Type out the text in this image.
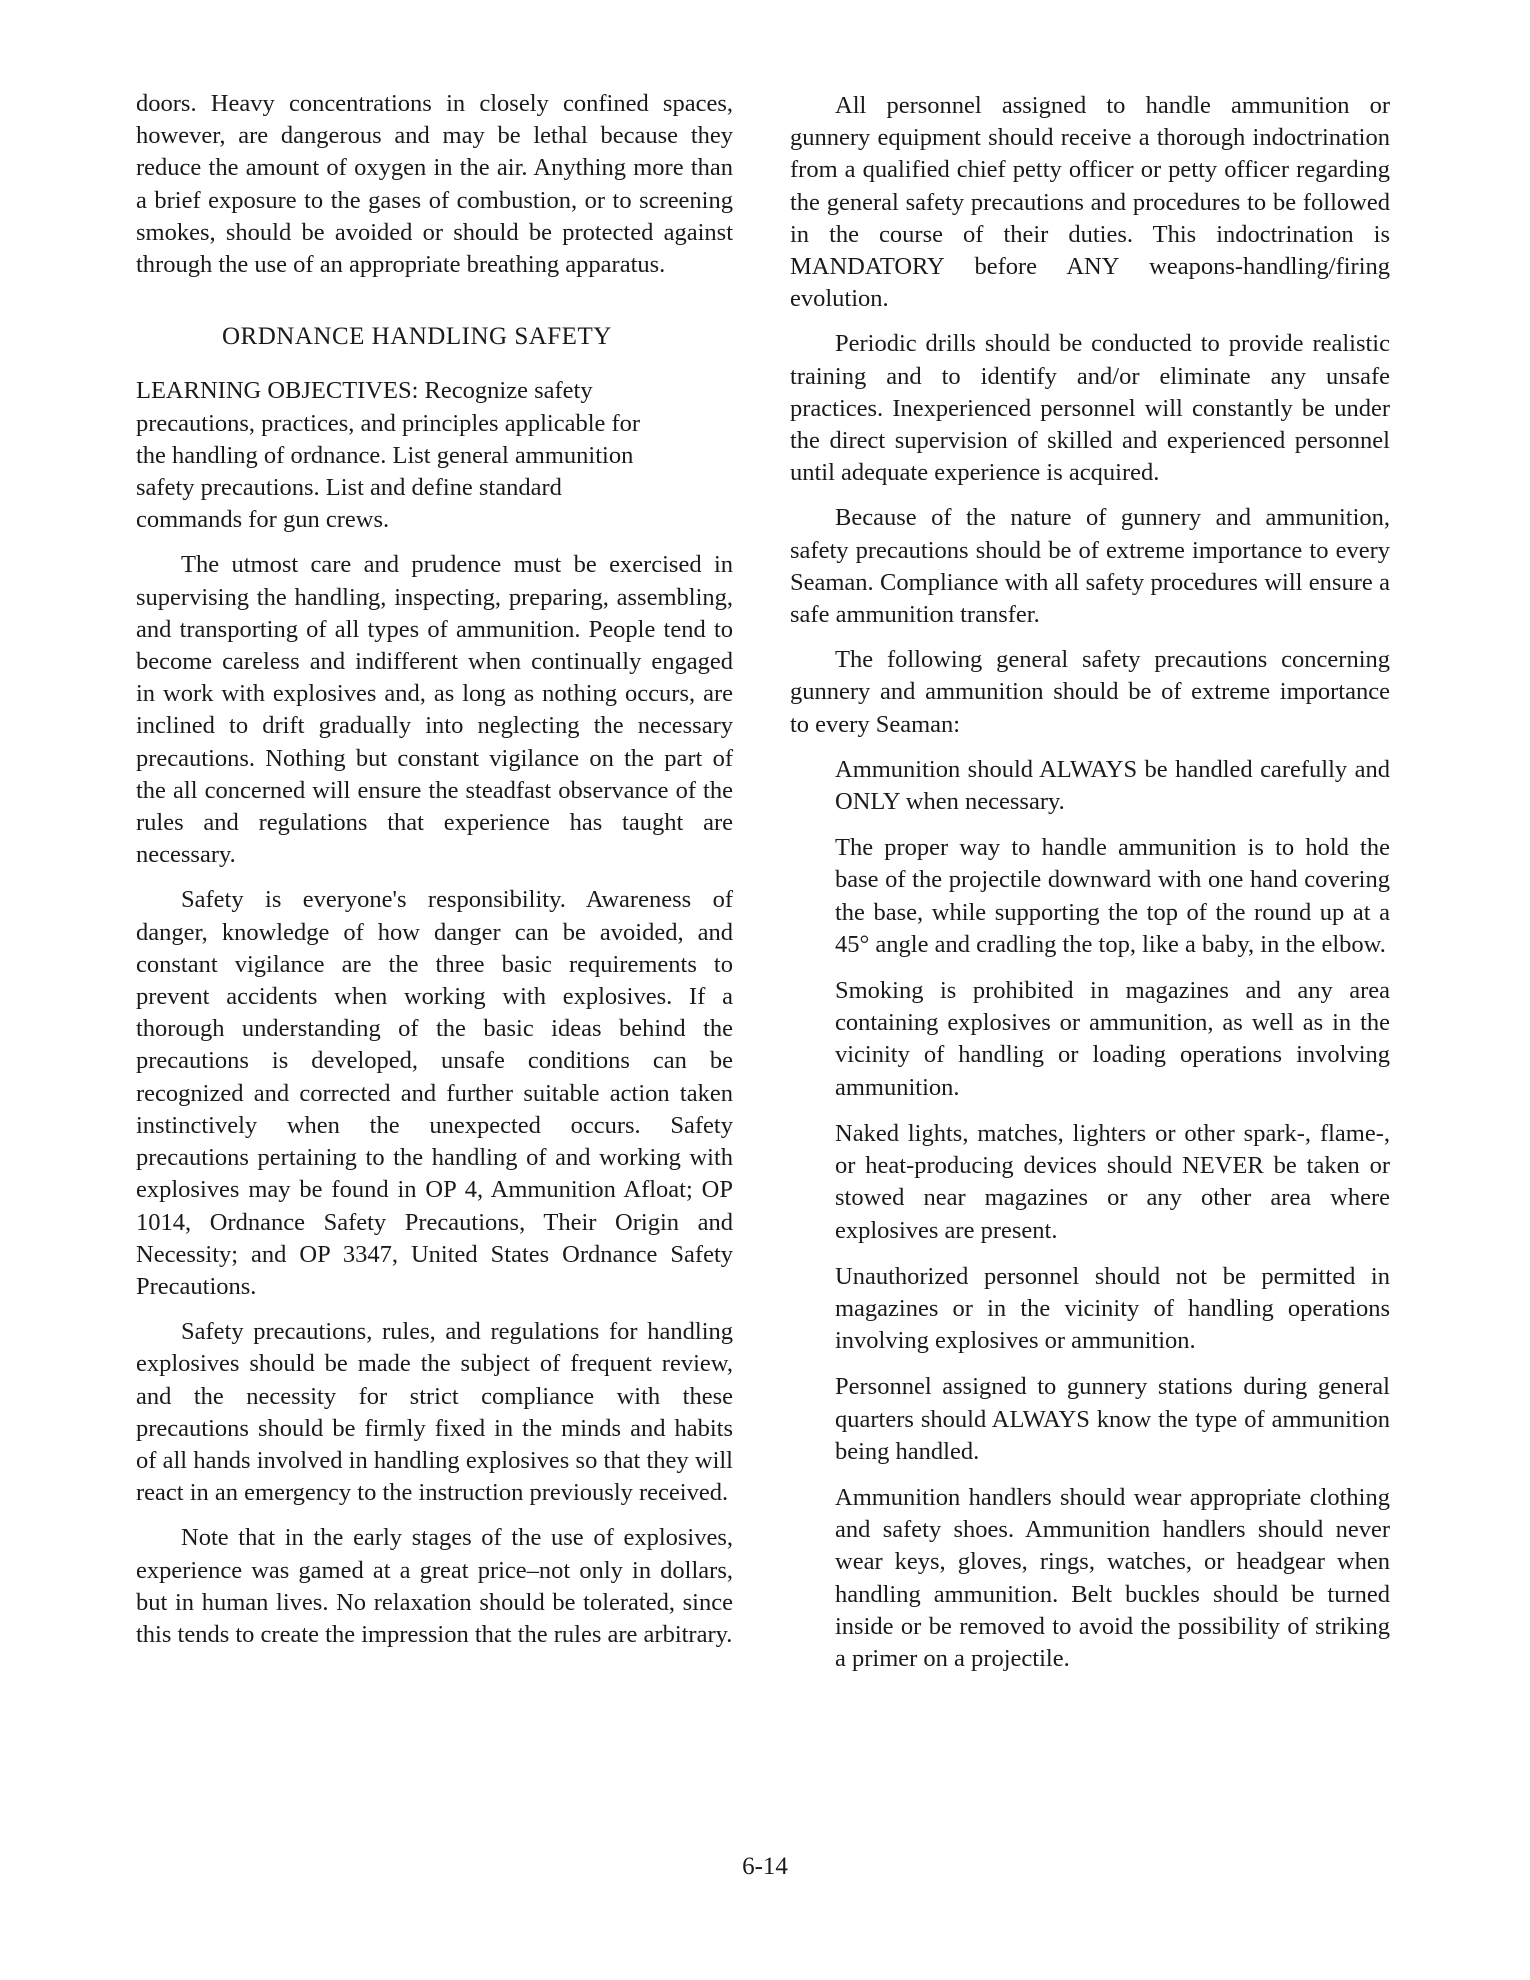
doors. Heavy concentrations in closely confined spaces, however, are dangerous and may be lethal because they reduce the amount of oxygen in the air. Anything more than a brief exposure to the gases of combustion, or to screening smokes, should be avoided or should be protected against through the use of an appropriate breathing apparatus.

ORDNANCE HANDLING SAFETY

LEARNING OBJECTIVES: Recognize safety precautions, practices, and principles applicable for the handling of ordnance. List general ammunition safety precautions. List and define standard commands for gun crews.

The utmost care and prudence must be exercised in supervising the handling, inspecting, preparing, assembling, and transporting of all types of ammunition. People tend to become careless and indifferent when continually engaged in work with explosives and, as long as nothing occurs, are inclined to drift gradually into neglecting the necessary precautions. Nothing but constant vigilance on the part of the all concerned will ensure the steadfast observance of the rules and regulations that experience has taught are necessary.

Safety is everyone's responsibility. Awareness of danger, knowledge of how danger can be avoided, and constant vigilance are the three basic requirements to prevent accidents when working with explosives. If a thorough understanding of the basic ideas behind the precautions is developed, unsafe conditions can be recognized and corrected and further suitable action taken instinctively when the unexpected occurs. Safety precautions pertaining to the handling of and working with explosives may be found in OP 4, Ammunition Afloat; OP 1014, Ordnance Safety Precautions, Their Origin and Necessity; and OP 3347, United States Ordnance Safety Precautions.

Safety precautions, rules, and regulations for handling explosives should be made the subject of frequent review, and the necessity for strict compliance with these precautions should be firmly fixed in the minds and habits of all hands involved in handling explosives so that they will react in an emergency to the instruction previously received.

Note that in the early stages of the use of explosives, experience was gamed at a great price–not only in dollars, but in human lives. No relaxation should be tolerated, since this tends to create the impression that the rules are arbitrary.

All personnel assigned to handle ammunition or gunnery equipment should receive a thorough indoctrination from a qualified chief petty officer or petty officer regarding the general safety precautions and procedures to be followed in the course of their duties. This indoctrination is MANDATORY before ANY weapons-handling/firing evolution.

Periodic drills should be conducted to provide realistic training and to identify and/or eliminate any unsafe practices. Inexperienced personnel will constantly be under the direct supervision of skilled and experienced personnel until adequate experience is acquired.

Because of the nature of gunnery and ammunition, safety precautions should be of extreme importance to every Seaman. Compliance with all safety procedures will ensure a safe ammunition transfer.

The following general safety precautions concerning gunnery and ammunition should be of extreme importance to every Seaman:

Ammunition should ALWAYS be handled carefully and ONLY when necessary.

The proper way to handle ammunition is to hold the base of the projectile downward with one hand covering the base, while supporting the top of the round up at a 45° angle and cradling the top, like a baby, in the elbow.

Smoking is prohibited in magazines and any area containing explosives or ammunition, as well as in the vicinity of handling or loading operations involving ammunition.

Naked lights, matches, lighters or other spark-, flame-, or heat-producing devices should NEVER be taken or stowed near magazines or any other area where explosives are present.

Unauthorized personnel should not be permitted in magazines or in the vicinity of handling operations involving explosives or ammunition.

Personnel assigned to gunnery stations during general quarters should ALWAYS know the type of ammunition being handled.

Ammunition handlers should wear appropriate clothing and safety shoes. Ammunition handlers should never wear keys, gloves, rings, watches, or headgear when handling ammunition. Belt buckles should be turned inside or be removed to avoid the possibility of striking a primer on a projectile.

6-14
